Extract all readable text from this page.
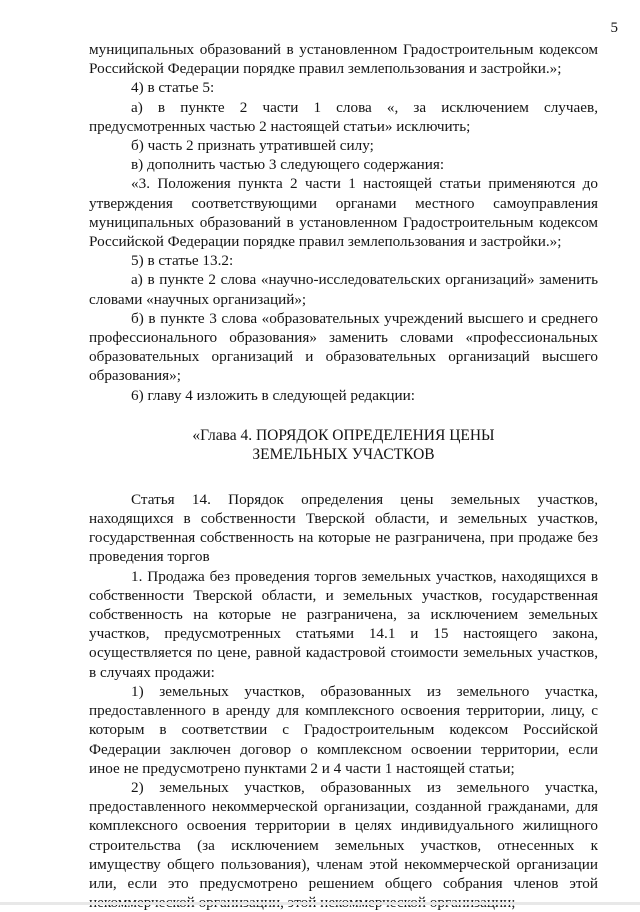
5
муниципальных образований в установленном Градостроительным кодексом
Российской Федерации порядке правил землепользования и застройки.»;
4) в статье 5:
а) в пункте 2 части 1 слова «, за исключением случаев,
предусмотренных частью 2 настоящей статьи» исключить;
б) часть 2 признать утратившей силу;
в) дополнить частью 3 следующего содержания:
«3. Положения пункта 2 части 1 настоящей статьи применяются до
утверждения соответствующими органами местного самоуправления
муниципальных образований в установленном Градостроительным кодексом
Российской Федерации порядке правил землепользования и застройки.»;
5) в статье 13.2:
а) в пункте 2 слова «научно-исследовательских организаций» заменить
словами «научных организаций»;
б) в пункте 3 слова «образовательных учреждений высшего и среднего
профессионального образования» заменить словами «профессиональных
образовательных организаций и образовательных организаций высшего
образования»;
6) главу 4 изложить в следующей редакции:

«Глава 4. ПОРЯДОК ОПРЕДЕЛЕНИЯ ЦЕНЫ

ЗЕМЕЛЬНЫХ УЧАСТКОВ

Статья 14. Порядок определения цены земельных участков,
находящихся в собственности Тверской области, и земельных участков,
государственная собственность на которые не разграничена, при продаже без
проведения торгов
1. Продажа без проведения торгов земельных участков, находящихся в
собственности Тверской области, и земельных участков, государственная
собственность на которые не разграничена, за исключением земельных
участков, предусмотренных статьями 14.1 и 15 настоящего закона,
осуществляется по цене, равной кадастровой стоимости земельных участков,
в случаях продажи:
1) земельных участков, образованных из земельного участка,
предоставленного в аренду для комплексного освоения территории, лицу, с
которым в соответствии с Градостроительным кодексом Российской
Федерации заключен договор о комплексном освоении территории, если
иное не предусмотрено пунктами 2 и 4 части 1 настоящей статьи;
2) земельных участков, образованных из земельного участка,
предоставленного некоммерческой организации, созданной гражданами, для
комплексного освоения территории в целях индивидуального жилищного
строительства (за исключением земельных участков, отнесенных к
имуществу общего пользования), членам этой некоммерческой организации
или, если это предусмотрено решением общего собрания членов этой
